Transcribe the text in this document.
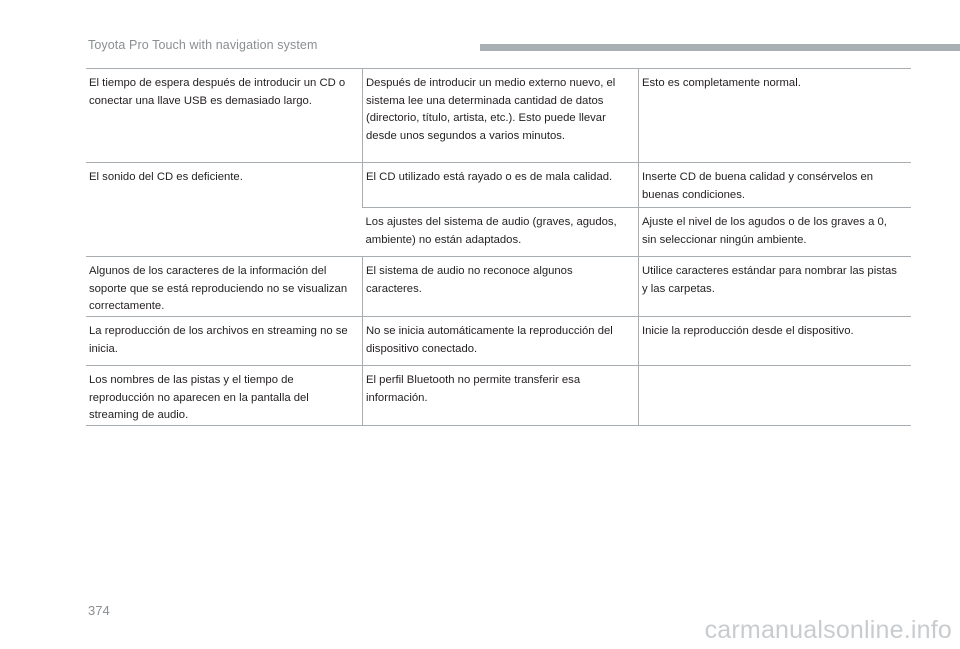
Toyota Pro Touch with navigation system
El tiempo de espera después de introducir un CD o conectar una llave USB es demasiado largo.	Después de introducir un medio externo nuevo, el sistema lee una determinada cantidad de datos (directorio, título, artista, etc.). Esto puede llevar desde unos segundos a varios minutos.	Esto es completamente normal.
El sonido del CD es deficiente.	El CD utilizado está rayado o es de mala calidad.	Inserte CD de buena calidad y consérvelos en buenas condiciones.
	Los ajustes del sistema de audio (graves, agudos, ambiente) no están adaptados.	Ajuste el nivel de los agudos o de los graves a 0, sin seleccionar ningún ambiente.
Algunos de los caracteres de la información del soporte que se está reproduciendo no se visualizan correctamente.	El sistema de audio no reconoce algunos caracteres.	Utilice caracteres estándar para nombrar las pistas y las carpetas.
La reproducción de los archivos en streaming no se inicia.	No se inicia automáticamente la reproducción del dispositivo conectado.	Inicie la reproducción desde el dispositivo.
Los nombres de las pistas y el tiempo de reproducción no aparecen en la pantalla del streaming de audio.	El perfil Bluetooth no permite transferir esa información.	
374
carmanualsonline.info
